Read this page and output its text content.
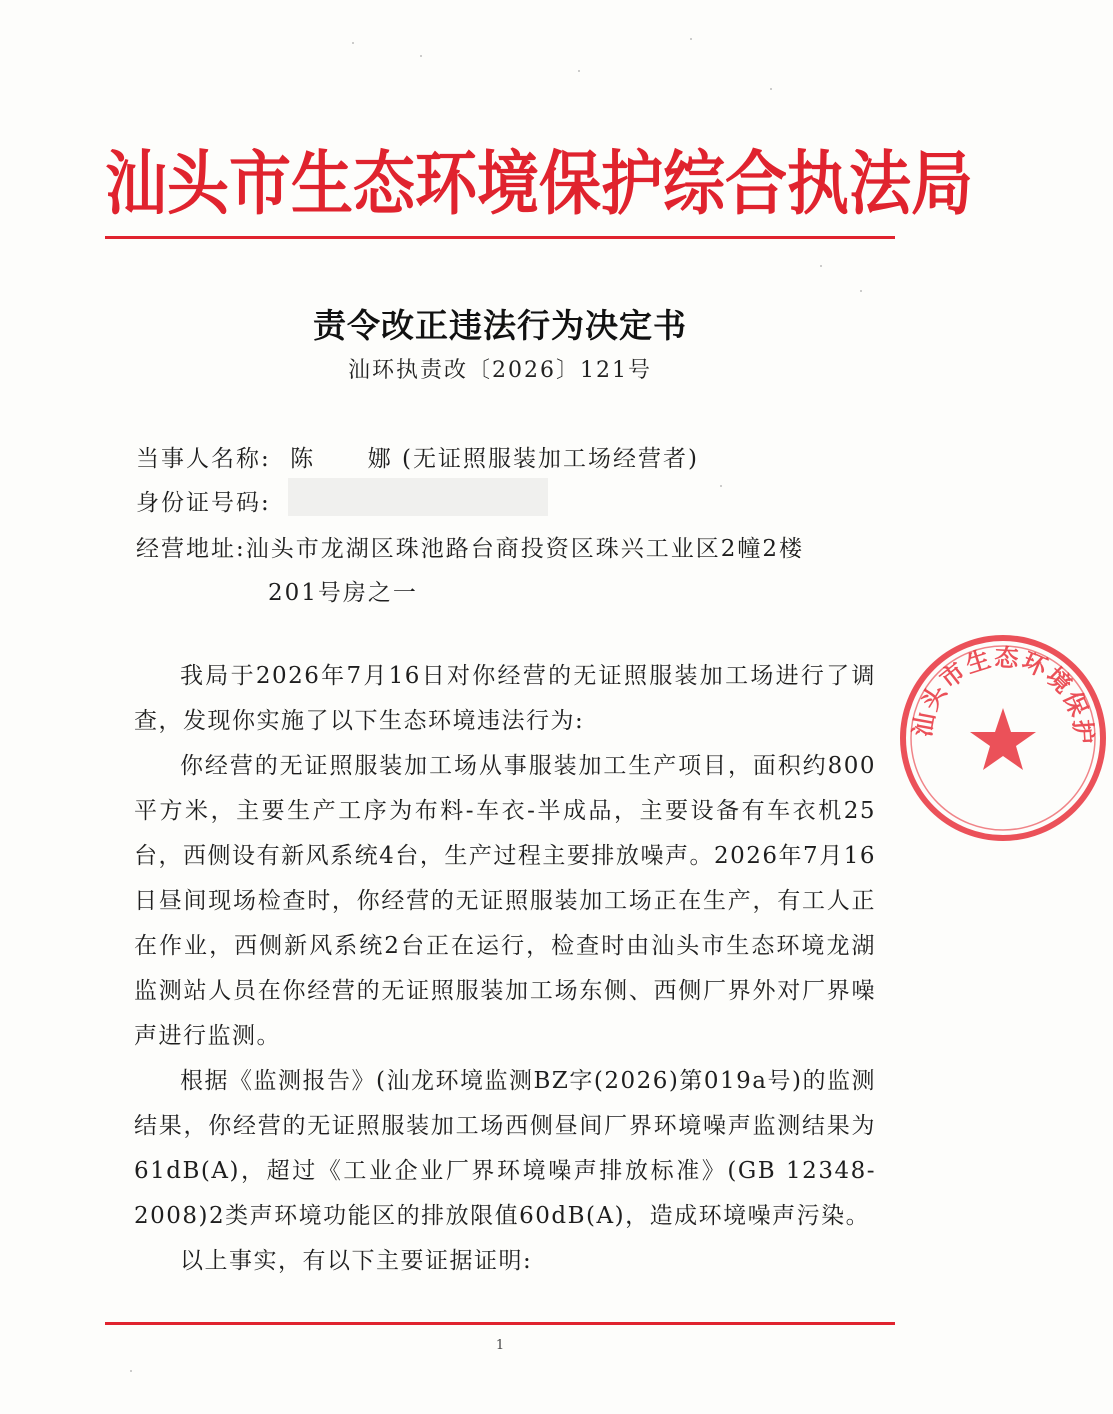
汕头市生态环境保护综合执法局
责令改正违法行为决定书
汕环执责改〔2026〕121号
当事人名称: 陈 娜 (无证照服装加工场经营者)
身份证号码:
经营地址:汕头市龙湖区珠池路台商投资区珠兴工业区2幢2楼
201号房之一

我局于2026年7月16日对你经营的无证照服装加工场进行了调查，发现你实施了以下生态环境违法行为:

你经营的无证照服装加工场从事服装加工生产项目，面积约800平方米，主要生产工序为布料-车衣-半成品，主要设备有车衣机25台，西侧设有新风系统4台，生产过程主要排放噪声。2026年7月16日昼间现场检查时，你经营的无证照服装加工场正在生产，有工人正在作业，西侧新风系统2台正在运行，检查时由汕头市生态环境龙湖监测站人员在你经营的无证照服装加工场东侧、西侧厂界外对厂界噪声进行监测。

根据《监测报告》(汕龙环境监测BZ字(2026)第019a号)的监测结果，你经营的无证照服装加工场西侧昼间厂界环境噪声监测结果为61dB(A)，超过《工业企业厂界环境噪声排放标准》(GB 12348-2008)2类声环境功能区的排放限值60dB(A)，造成环境噪声污染。

以上事实，有以下主要证据证明:

1
汕头市生态环境保护
